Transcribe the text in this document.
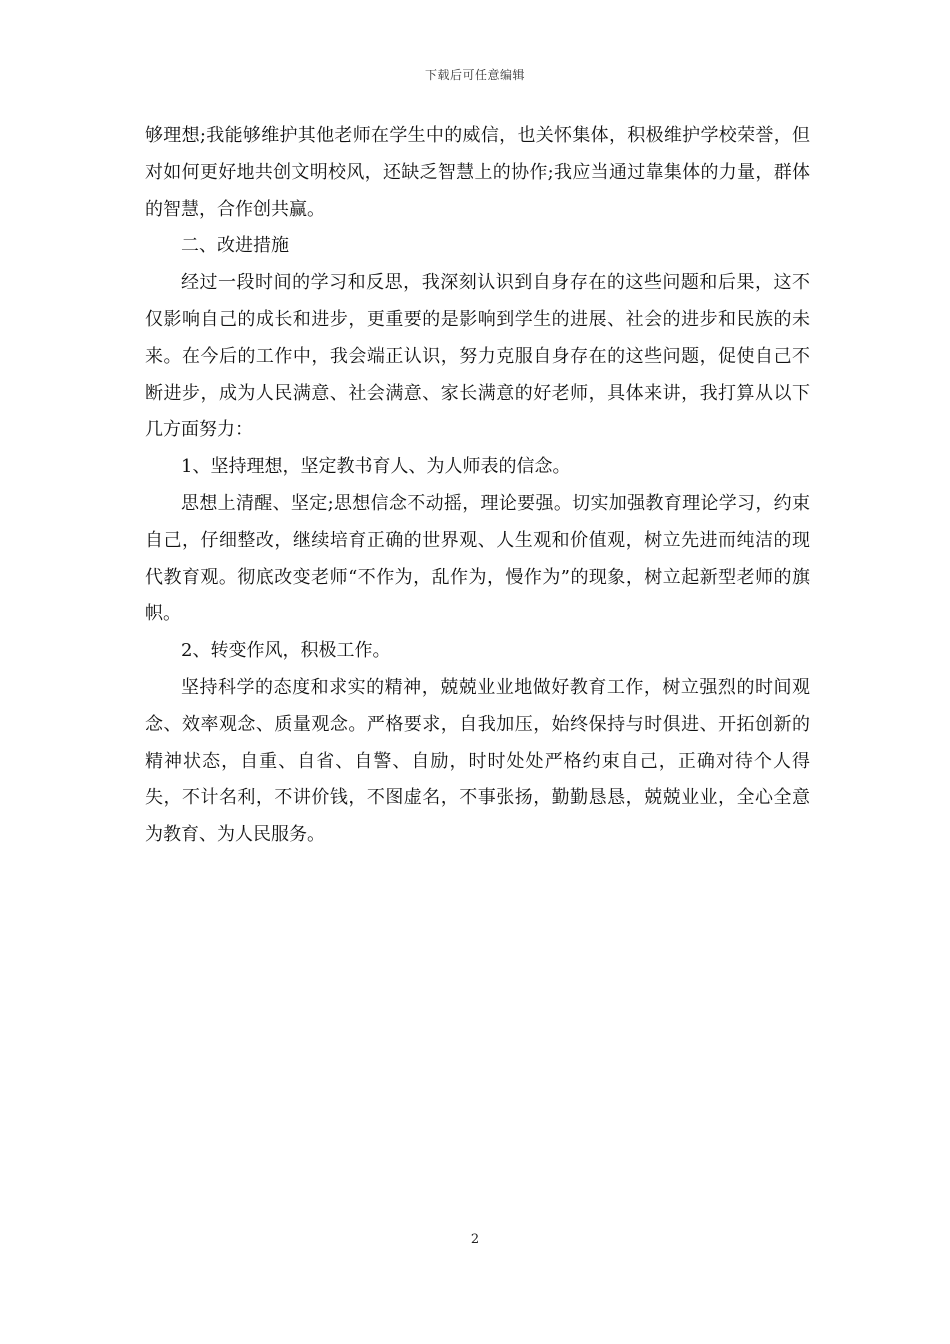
下载后可任意编辑

够理想;我能够维护其他老师在学生中的威信，也关怀集体，积极维护学校荣誉，但对如何更好地共创文明校风，还缺乏智慧上的协作;我应当通过靠集体的力量，群体的智慧，合作创共赢。

二、改进措施

经过一段时间的学习和反思，我深刻认识到自身存在的这些问题和后果，这不仅影响自己的成长和进步，更重要的是影响到学生的进展、社会的进步和民族的未来。在今后的工作中，我会端正认识，努力克服自身存在的这些问题，促使自己不断进步，成为人民满意、社会满意、家长满意的好老师，具体来讲，我打算从以下几方面努力：

1、坚持理想，坚定教书育人、为人师表的信念。

思想上清醒、坚定;思想信念不动摇，理论要强。切实加强教育理论学习，约束自己，仔细整改，继续培育正确的世界观、人生观和价值观，树立先进而纯洁的现代教育观。彻底改变老师“不作为，乱作为，慢作为”的现象，树立起新型老师的旗帜。

2、转变作风，积极工作。

坚持科学的态度和求实的精神，兢兢业业地做好教育工作，树立强烈的时间观念、效率观念、质量观念。严格要求，自我加压，始终保持与时俱进、开拓创新的精神状态，自重、自省、自警、自励，时时处处严格约束自己，正确对待个人得失，不计名利，不讲价钱，不图虚名，不事张扬，勤勤恳恳，兢兢业业，全心全意为教育、为人民服务。

2
